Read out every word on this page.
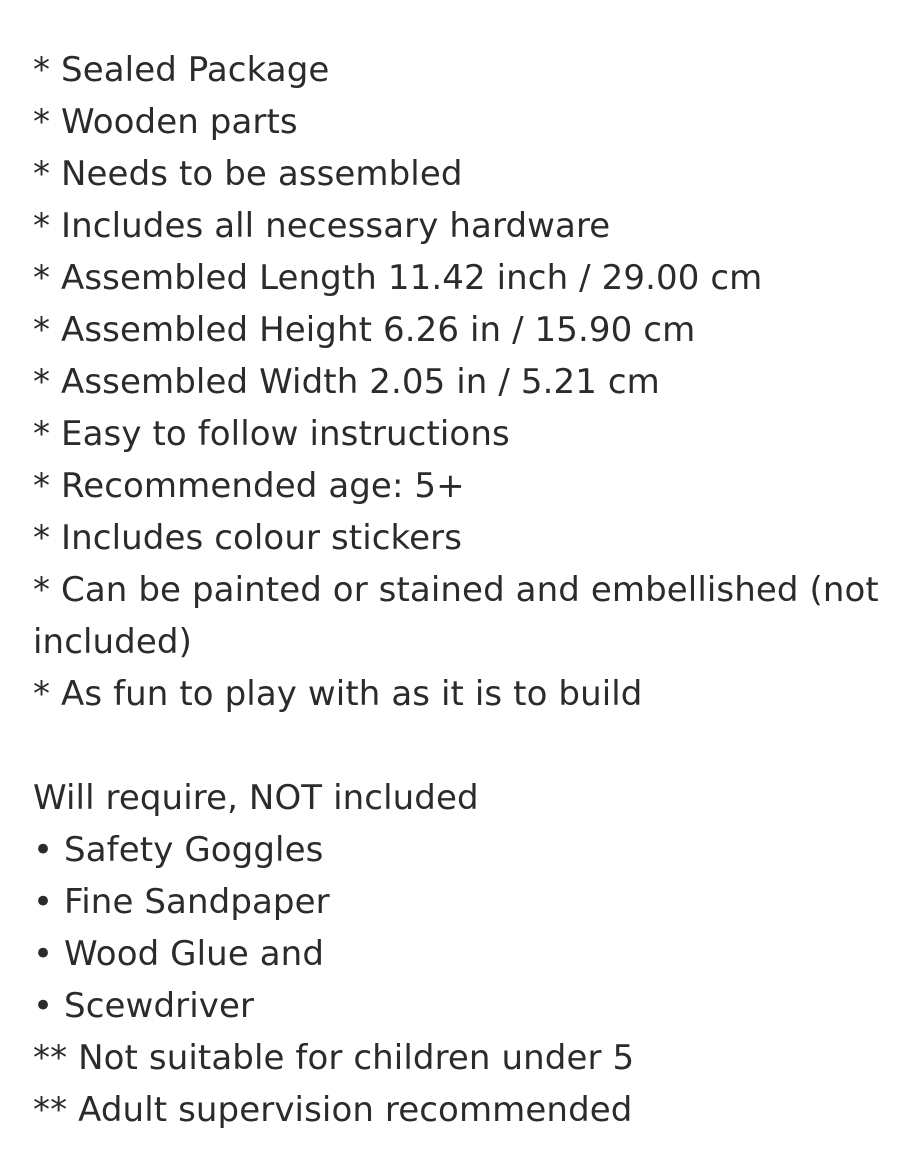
* Sealed Package
* Wooden parts
* Needs to be assembled
* Includes all necessary hardware
* Assembled Length 11.42 inch / 29.00 cm
* Assembled Height 6.26 in / 15.90 cm
* Assembled Width 2.05 in / 5.21 cm
* Easy to follow instructions
* Recommended age: 5+
* Includes colour stickers
* Can be painted or stained and embellished (not included)
* As fun to play with as it is to build
Will require, NOT included
• Safety Goggles
• Fine Sandpaper
• Wood Glue and
• Scewdriver
** Not suitable for children under 5
** Adult supervision recommended
